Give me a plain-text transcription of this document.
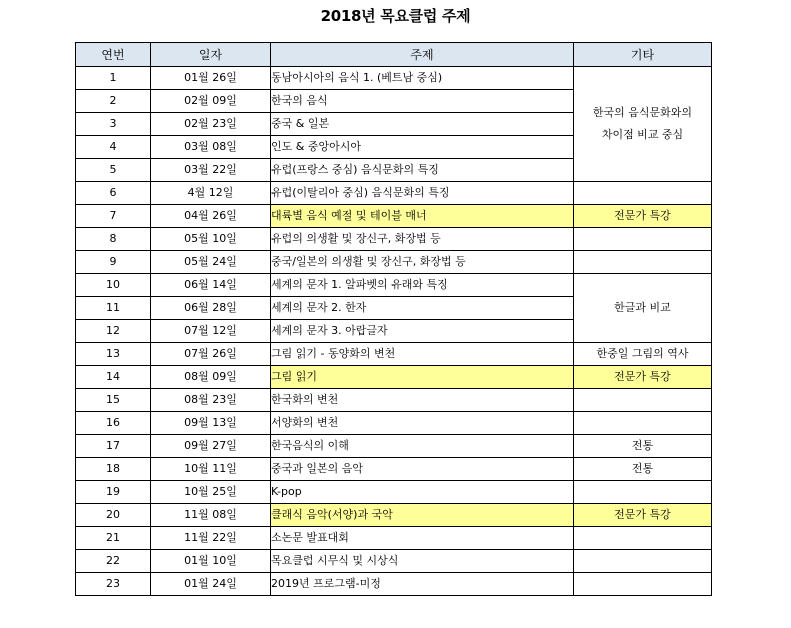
2018년 목요클럽 주제
연번	일자	주제	기타
1	01월 26일	동남아시아의 음식 1. (베트남 중심)	한국의 음식문화와의
차이점 비교 중심
2	02월 09일	한국의 음식	
3	02월 23일	중국 & 일본	
4	03월 08일	인도 & 중앙아시아	
5	03월 22일	유럽(프랑스 중심) 음식문화의 특징	
6	4월 12일	유럽(이탈리아 중심) 음식문화의 특징	
7	04월 26일	대륙별 음식 예절 및 테이블 매너	전문가 특강
8	05월 10일	유럽의 의생활 및 장신구, 화장법 등	
9	05월 24일	중국/일본의 의생활 및 장신구, 화장법 등	
10	06월 14일	세계의 문자 1. 알파벳의 유래와 특징	한글과 비교
11	06월 28일	세계의 문자 2. 한자	
12	07월 12일	세계의 문자 3. 아랍글자	
13	07월 26일	그림 읽기 - 동양화의 변천	한중일 그림의 역사
14	08월 09일	그림 읽기	전문가 특강
15	08월 23일	한국화의 변천	
16	09월 13일	서양화의 변천	
17	09월 27일	한국음식의 이해	전통
18	10월 11일	중국과 일본의 음악	전통
19	10월 25일	K-pop	
20	11월 08일	클래식 음악(서양)과 국악	전문가 특강
21	11월 22일	소논문 발표대회	
22	01월 10일	목요클럽 시무식 및 시상식	
23	01월 24일	2019년 프로그램-미정	
